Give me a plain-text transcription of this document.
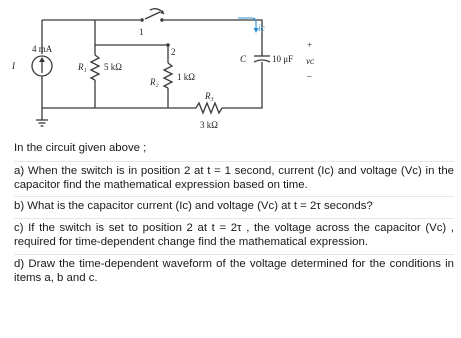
1
2
iᴄ
4 mA
I	R₁ 5 kΩ
R₂ 1 kΩ
R₃
3 kΩ
C	10 μF
+
vᴄ
–
In the circuit given above ;
a) When the switch is in position 2 at t = 1 second, current (Ic) and voltage (Vc) in the capacitor find the mathematical expression based on time.
b) What is the capacitor current (Ic) and voltage (Vc) at t = 2τ seconds?
c) If the switch is set to position 2 at t = 2τ , the voltage across the capacitor (Vc) , required for time-dependent change find the mathematical expression.
d) Draw the time-dependent waveform of the voltage determined for the conditions in items a, b and c.
